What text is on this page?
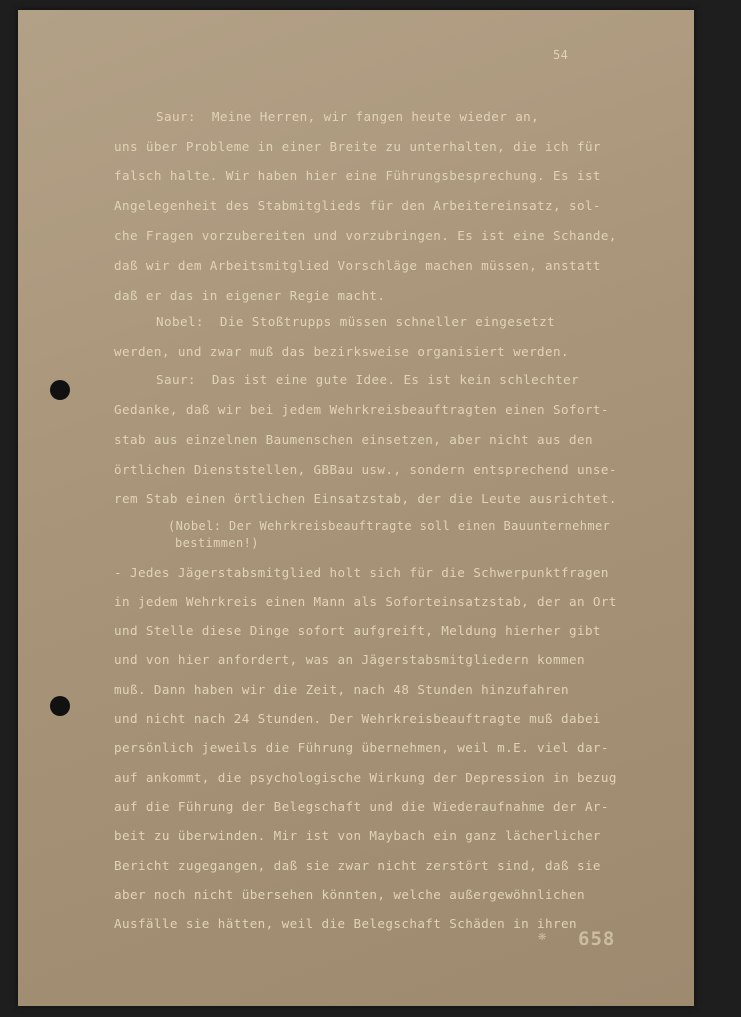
54
Saur:  Meine Herren, wir fangen heute wieder an,
uns über Probleme in einer Breite zu unterhalten, die ich für
falsch halte. Wir haben hier eine Führungsbesprechung. Es ist
Angelegenheit des Stabmitglieds für den Arbeitereinsatz, sol-
che Fragen vorzubereiten und vorzubringen. Es ist eine Schande,
daß wir dem Arbeitsmitglied Vorschläge machen müssen, anstatt
daß er das in eigener Regie macht.
Nobel:  Die Stoßtrupps müssen schneller eingesetzt
werden, und zwar muß das bezirksweise organisiert werden.
Saur:  Das ist eine gute Idee. Es ist kein schlechter
Gedanke, daß wir bei jedem Wehrkreisbeauftragten einen Sofort-
stab aus einzelnen Baumenschen einsetzen, aber nicht aus den
örtlichen Dienststellen, GBBau usw., sondern entsprechend unse-
rem Stab einen örtlichen Einsatzstab, der die Leute ausrichtet.
(Nobel: Der Wehrkreisbeauftragte soll einen Bauunternehmer
bestimmen!)
- Jedes Jägerstabsmitglied holt sich für die Schwerpunktfragen
in jedem Wehrkreis einen Mann als Soforteinsatzstab, der an Ort
und Stelle diese Dinge sofort aufgreift, Meldung hierher gibt
und von hier anfordert, was an Jägerstabsmitgliedern kommen
muß. Dann haben wir die Zeit, nach 48 Stunden hinzufahren
und nicht nach 24 Stunden. Der Wehrkreisbeauftragte muß dabei
persönlich jeweils die Führung übernehmen, weil m.E. viel dar-
auf ankommt, die psychologische Wirkung der Depression in bezug
auf die Führung der Belegschaft und die Wiederaufnahme der Ar-
beit zu überwinden. Mir ist von Maybach ein ganz lächerlicher
Bericht zugegangen, daß sie zwar nicht zerstört sind, daß sie
aber noch nicht übersehen könnten, welche außergewöhnlichen
Ausfälle sie hätten, weil die Belegschaft Schäden in ihren
❋ 658
